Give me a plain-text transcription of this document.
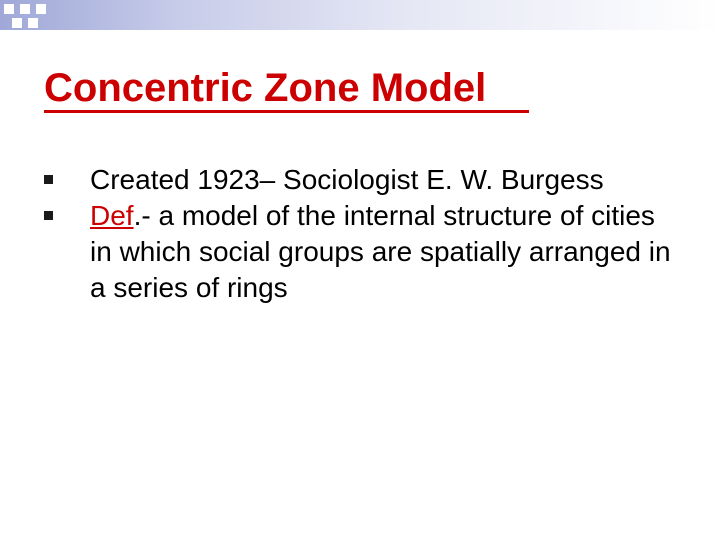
Concentric Zone Model
Created 1923– Sociologist E. W. Burgess
Def.- a model of the internal structure of cities in which social groups are spatially arranged in a series of rings
